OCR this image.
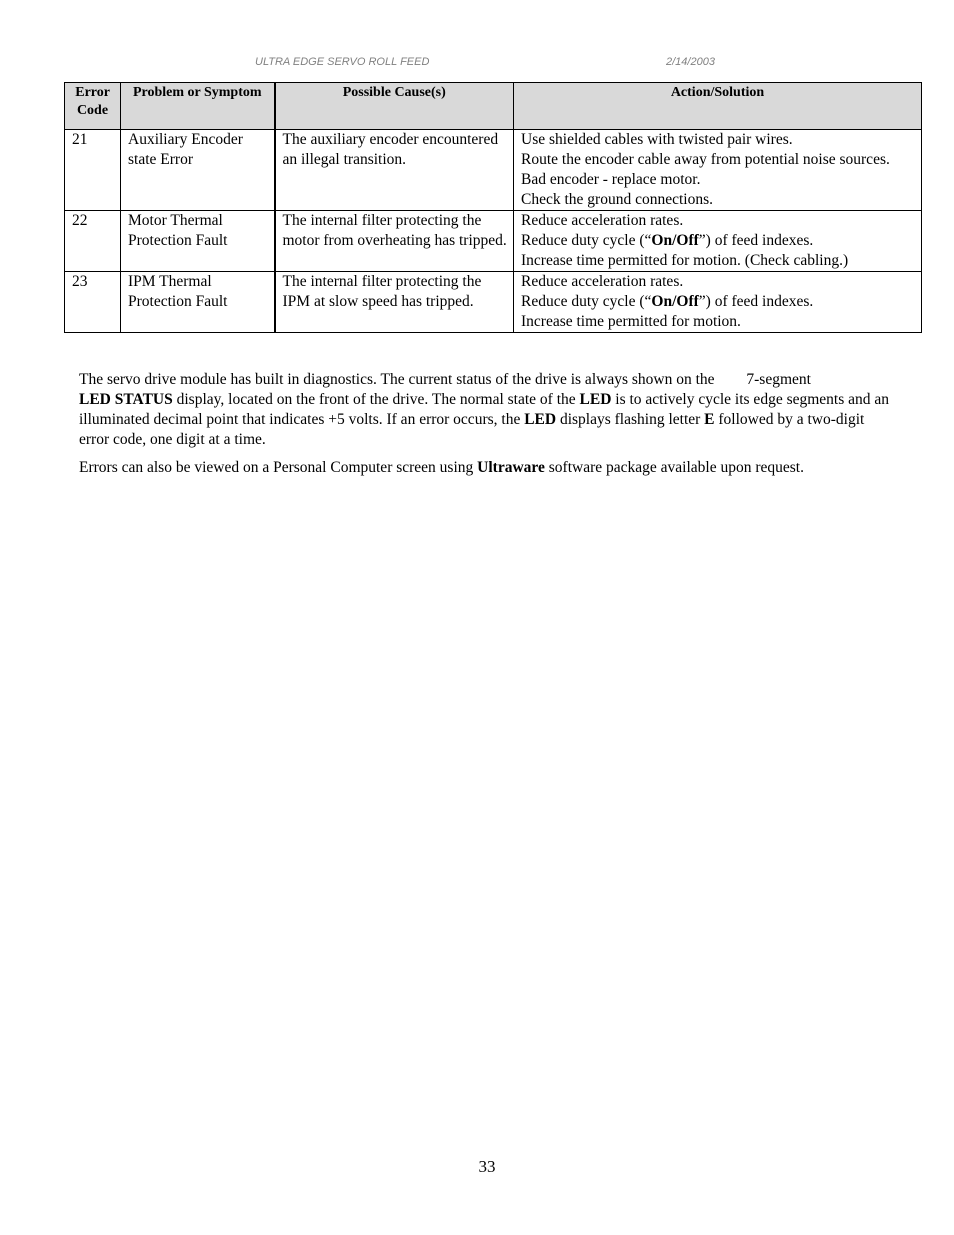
ULTRA EDGE SERVO ROLL FEED	2/14/2003
Error Code	Problem or Symptom	Possible Cause(s)	Action/Solution
21	Auxiliary Encoder state Error	The auxiliary encoder encountered an illegal transition.	Use shielded cables with twisted pair wires.
Route the encoder cable away from potential noise sources.
Bad encoder - replace motor.
Check the ground connections.

22	Motor Thermal Protection Fault	The internal filter protecting the motor from overheating has tripped.	Reduce acceleration rates.
Reduce duty cycle (“On/Off”) of feed indexes.
Increase time permitted for motion. (Check cabling.)

23	IPM Thermal Protection Fault	The internal filter protecting the IPM at slow speed has tripped.	Reduce acceleration rates.
Reduce duty cycle (“On/Off”) of feed indexes.
Increase time permitted for motion.
The servo drive module has built in diagnostics. The current status of the drive is always shown on the 7-segment
LED STATUS display, located on the front of the drive. The normal state of the LED is to actively cycle its edge segments and an illuminated decimal point that indicates +5 volts. If an error occurs, the LED displays flashing letter E followed by a two-digit error code, one digit at a time.
Errors can also be viewed on a Personal Computer screen using Ultraware software package available upon request.
33
